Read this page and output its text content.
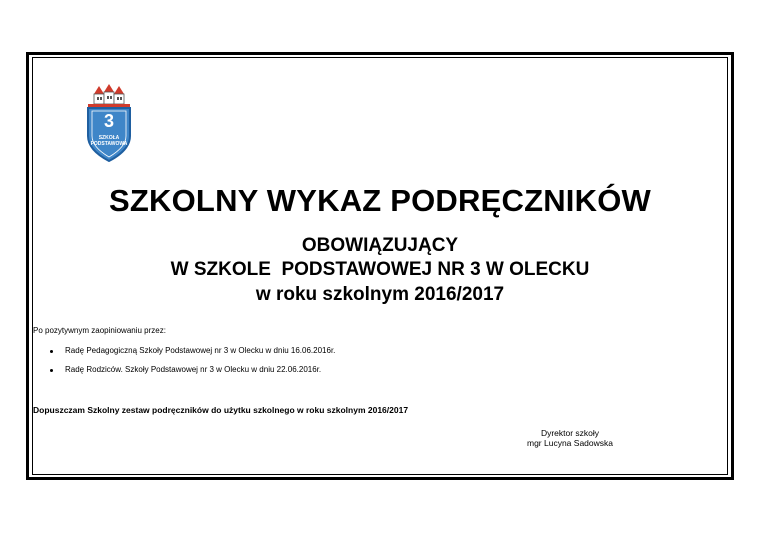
3
SZKOŁA
PODSTAWOWA
SZKOLNY WYKAZ PODRĘCZNIKÓW
OBOWIĄZUJĄCY
W SZKOLE  PODSTAWOWEJ NR 3 W OLECKU
w roku szkolnym 2016/2017
Po pozytywnym zaopiniowaniu przez:
Radę Pedagogiczną Szkoły Podstawowej nr 3 w Olecku w dniu 16.06.2016r.
Radę Rodziców. Szkoły Podstawowej nr 3 w Olecku w dniu 22.06.2016r.
Dopuszczam Szkolny zestaw podręczników do użytku szkolnego w roku szkolnym 2016/2017
Dyrektor szkoły
mgr Lucyna Sadowska
